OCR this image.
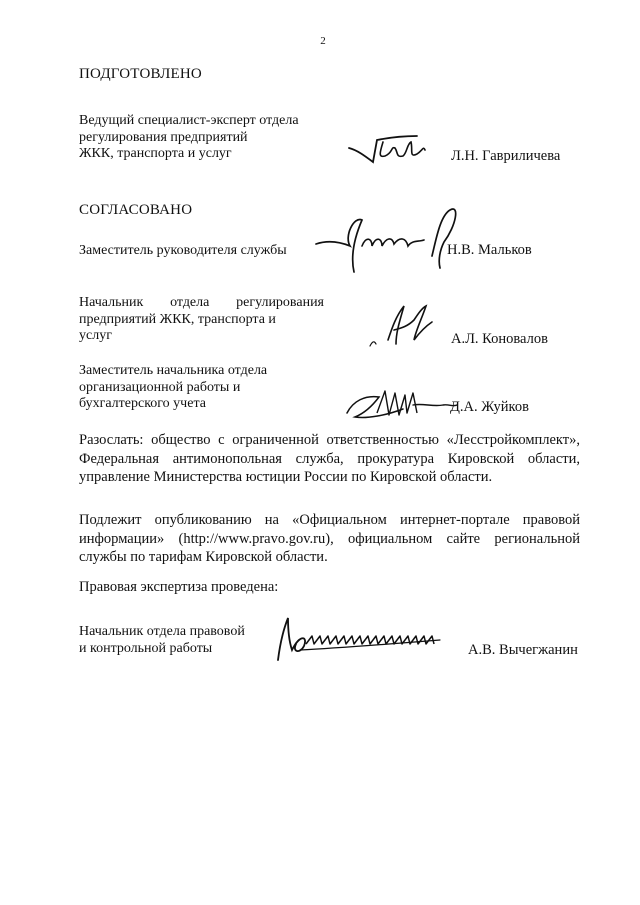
2
ПОДГОТОВЛЕНО
Ведущий специалист-эксперт отдела
регулирования предприятий
ЖКК, транспорта и услуг	Л.Н. Гавриличева
СОГЛАСОВАНО
Заместитель руководителя службы	Н.В. Мальков
Начальник отдела регулирования
предприятий ЖКК, транспорта и
услуг	А.Л. Коновалов
Заместитель начальника отдела
организационной работы и
бухгалтерского учета	Д.А. Жуйков
Разослать: общество с ограниченной ответственностью «Лесстройкомплект», Федеральная антимонопольная служба, прокуратура Кировской области, управление Министерства юстиции России по Кировской области.
Подлежит опубликованию на «Официальном интернет-портале правовой информации» (http://www.pravo.gov.ru), официальном сайте региональной службы по тарифам Кировской области.
Правовая экспертиза проведена:
Начальник отдела правовой
и контрольной работы	А.В. Вычегжанин
